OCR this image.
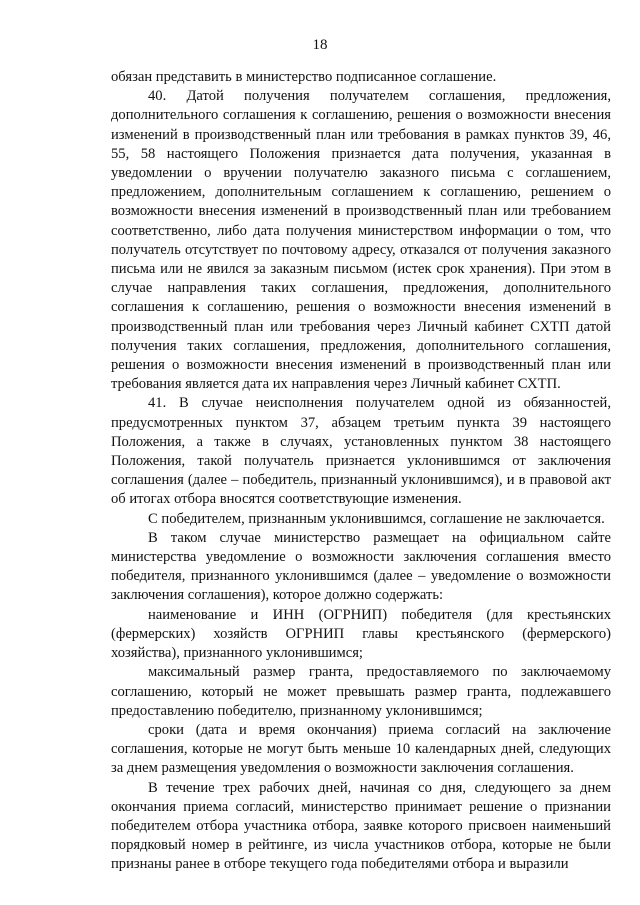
18

обязан представить в министерство подписанное соглашение.

40. Датой получения получателем соглашения, предложения, дополнительного соглашения к соглашению, решения о возможности внесения изменений в производственный план или требования в рамках пунктов 39, 46, 55, 58 настоящего Положения признается дата получения, указанная в уведомлении о вручении получателю заказного письма с соглашением, предложением, дополнительным соглашением к соглашению, решением о возможности внесения изменений в производственный план или требованием соответственно, либо дата получения министерством информации о том, что получатель отсутствует по почтовому адресу, отказался от получения заказного письма или не явился за заказным письмом (истек срок хранения). При этом в случае направления таких соглашения, предложения, дополнительного соглашения к соглашению, решения о возможности внесения изменений в производственный план или требования через Личный кабинет СХТП датой получения таких соглашения, предложения, дополнительного соглашения, решения о возможности внесения изменений в производственный план или требования является дата их направления через Личный кабинет СХТП.

41. В случае неисполнения получателем одной из обязанностей, предусмотренных пунктом 37, абзацем третьим пункта 39 настоящего Положения, а также в случаях, установленных пунктом 38 настоящего Положения, такой получатель признается уклонившимся от заключения соглашения (далее – победитель, признанный уклонившимся), и в правовой акт об итогах отбора вносятся соответствующие изменения.

С победителем, признанным уклонившимся, соглашение не заключается.

В таком случае министерство размещает на официальном сайте министерства уведомление о возможности заключения соглашения вместо победителя, признанного уклонившимся (далее – уведомление о возможности заключения соглашения), которое должно содержать:

наименование и ИНН (ОГРНИП) победителя (для крестьянских (фермерских) хозяйств ОГРНИП главы крестьянского (фермерского) хозяйства), признанного уклонившимся;

максимальный размер гранта, предоставляемого по заключаемому соглашению, который не может превышать размер гранта, подлежавшего предоставлению победителю, признанному уклонившимся;

сроки (дата и время окончания) приема согласий на заключение соглашения, которые не могут быть меньше 10 календарных дней, следующих за днем размещения уведомления о возможности заключения соглашения.

В течение трех рабочих дней, начиная со дня, следующего за днем окончания приема согласий, министерство принимает решение о признании победителем отбора участника отбора, заявке которого присвоен наименьший порядковый номер в рейтинге, из числа участников отбора, которые не были признаны ранее в отборе текущего года победителями отбора и выразили
